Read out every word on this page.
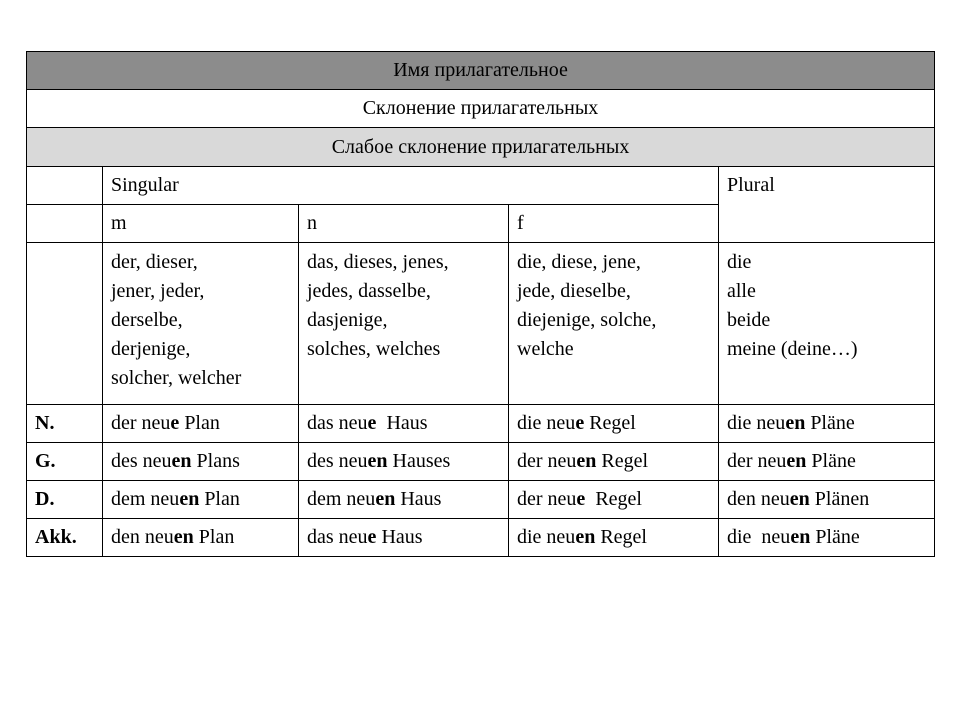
Имя прилагательное				
Склонение прилагательных				
Слабое склонение прилагательных				
	Singular			Plural
	m	n	f	

	der, dieser,
jener, jeder,
derselbe,
derjenige,
solcher, welcher	das, dieses, jenes,
jedes, dasselbe,
dasjenige,
solches, welches	die, diese, jene,
jede, dieselbe,
diejenige, solche,
welche	die
alle
beide
meine (deine…)

N.	der neue Plan	das neue  Haus	die neue Regel	die neuen Pläne
G.	des neuen Plans	des neuen Hauses	der neuen Regel	der neuen Pläne
D.	dem neuen Plan	dem neuen Haus	der neue  Regel	den neuen Plänen
Akk.	den neuen Plan	das neue Haus	die neuen Regel	die  neuen Pläne
